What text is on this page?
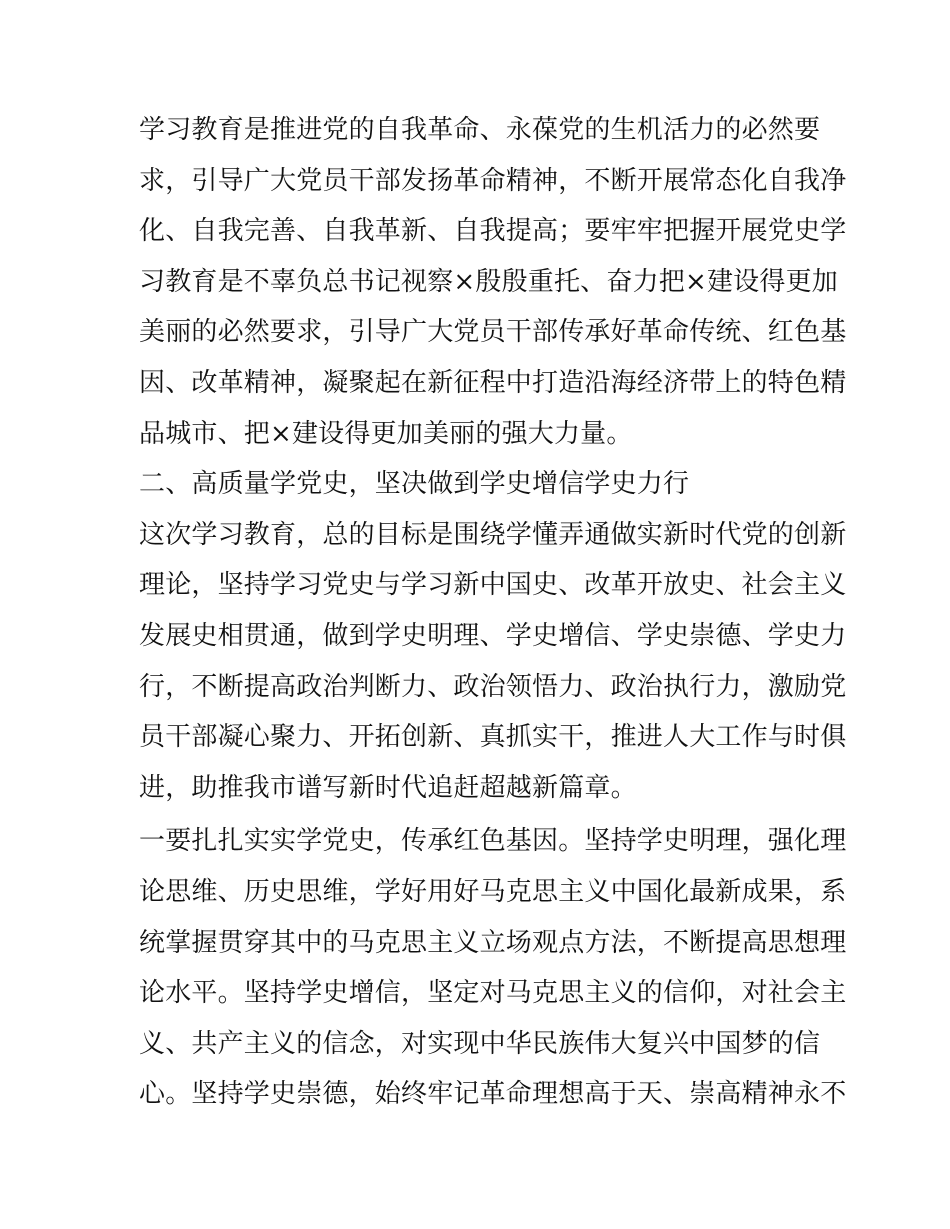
学习教育是推进党的自我革命、永葆党的生机活力的必然要
求，引导广大党员干部发扬革命精神，不断开展常态化自我净
化、自我完善、自我革新、自我提高；要牢牢把握开展党史学
习教育是不辜负总书记视察×殷殷重托、奋力把×建设得更加
美丽的必然要求，引导广大党员干部传承好革命传统、红色基
因、改革精神，凝聚起在新征程中打造沿海经济带上的特色精
品城市、把×建设得更加美丽的强大力量。
二、高质量学党史，坚决做到学史增信学史力行
这次学习教育，总的目标是围绕学懂弄通做实新时代党的创新
理论，坚持学习党史与学习新中国史、改革开放史、社会主义
发展史相贯通，做到学史明理、学史增信、学史崇德、学史力
行，不断提高政治判断力、政治领悟力、政治执行力，激励党
员干部凝心聚力、开拓创新、真抓实干，推进人大工作与时俱
进，助推我市谱写新时代追赶超越新篇章。
一要扎扎实实学党史，传承红色基因。坚持学史明理，强化理
论思维、历史思维，学好用好马克思主义中国化最新成果，系
统掌握贯穿其中的马克思主义立场观点方法，不断提高思想理
论水平。坚持学史增信，坚定对马克思主义的信仰，对社会主
义、共产主义的信念，对实现中华民族伟大复兴中国梦的信
心。坚持学史崇德，始终牢记革命理想高于天、崇高精神永不
